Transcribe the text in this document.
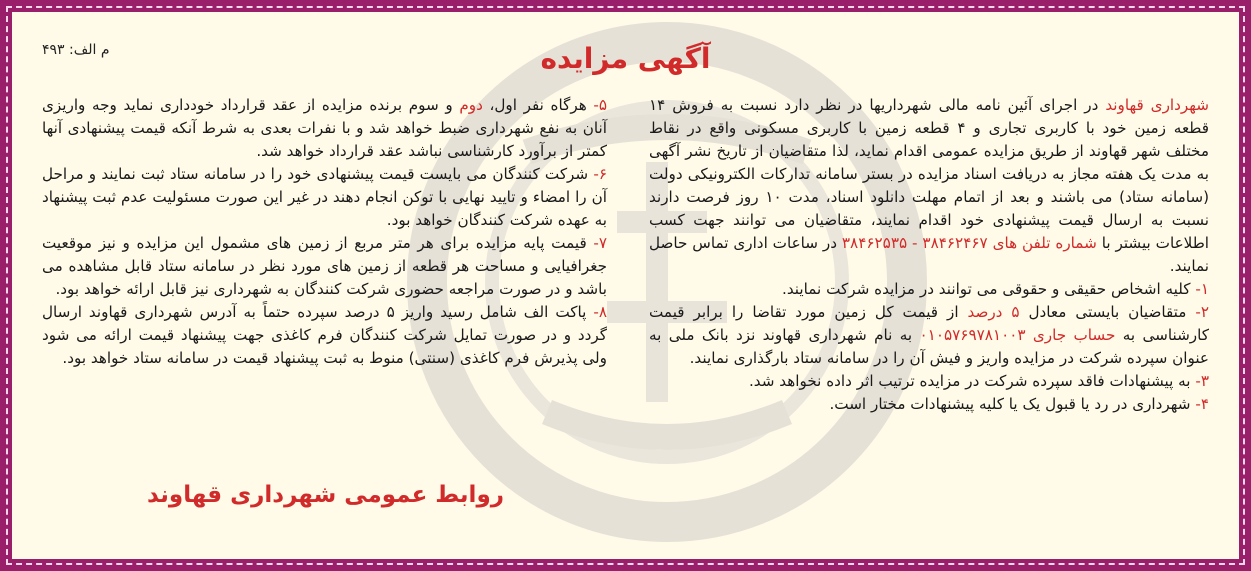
م الف: ۴۹۳	آگهی مزایده

شهرداری قهاوند در اجرای آئین نامه مالی شهرداریها در نظر دارد نسبت به فروش ۱۴ قطعه زمین خود با کاربری تجاری و ۴ قطعه زمین با کاربری مسکونی واقع در نقاط مختلف شهر قهاوند از طریق مزایده عمومی اقدام نماید، لذا متقاضیان از تاریخ نشر آگهی به مدت یک هفته مجاز به دریافت اسناد مزایده در بستر سامانه تدارکات الکترونیکی دولت (سامانه ستاد) می باشند و بعد از اتمام مهلت دانلود اسناد، مدت ۱۰ روز فرصت دارند نسبت به ارسال قیمت پیشنهادی خود اقدام نمایند، متقاضیان می توانند جهت کسب اطلاعات بیشتر با شماره تلفن های ۳۸۴۶۲۴۶۷ - ۳۸۴۶۲۵۳۵ در ساعات اداری تماس حاصل نمایند.

۱- کلیه اشخاص حقیقی و حقوقی می توانند در مزایده شرکت نمایند.

۲- متقاضیان بایستی معادل ۵ درصد از قیمت کل زمین مورد تقاضا را برابر قیمت کارشناسی به حساب جاری ۰۱۰۵۷۶۹۷۸۱۰۰۳ به نام شهرداری قهاوند نزد بانک ملی به عنوان سپرده شرکت در مزایده واریز و فیش آن را در سامانه ستاد بارگذاری نمایند.

۳- به پیشنهادات فاقد سپرده شرکت در مزایده ترتیب اثر داده نخواهد شد.

۴- شهرداری در رد یا قبول یک یا کلیه پیشنهادات مختار است.

۵- هرگاه نفر اول، دوم و سوم برنده مزایده از عقد قرارداد خودداری نماید وجه واریزی آنان به نفع شهرداری ضبط خواهد شد و با نفرات بعدی به شرط آنکه قیمت پیشنهادی آنها کمتر از برآورد کارشناسی نباشد عقد قرارداد خواهد شد.

۶- شرکت کنندگان می بایست قیمت پیشنهادی خود را در سامانه ستاد ثبت نمایند و مراحل آن را امضاء و تایید نهایی با توکن انجام دهند در غیر این صورت مسئولیت عدم ثبت پیشنهاد به عهده شرکت کنندگان خواهد بود.

۷- قیمت پایه مزایده برای هر متر مربع از زمین های مشمول این مزایده و نیز موقعیت جغرافیایی و مساحت هر قطعه از زمین های مورد نظر در سامانه ستاد قابل مشاهده می باشد و در صورت مراجعه حضوری شرکت کنندگان به شهرداری نیز قابل ارائه خواهد بود.

۸- پاکت الف شامل رسید واریز ۵ درصد سپرده حتماً به آدرس شهرداری قهاوند ارسال گردد و در صورت تمایل شرکت کنندگان فرم کاغذی جهت پیشنهاد قیمت ارائه می شود ولی پذیرش فرم کاغذی (سنتی) منوط به ثبت پیشنهاد قیمت در سامانه ستاد خواهد بود.

روابط عمومی شهرداری قهاوند
